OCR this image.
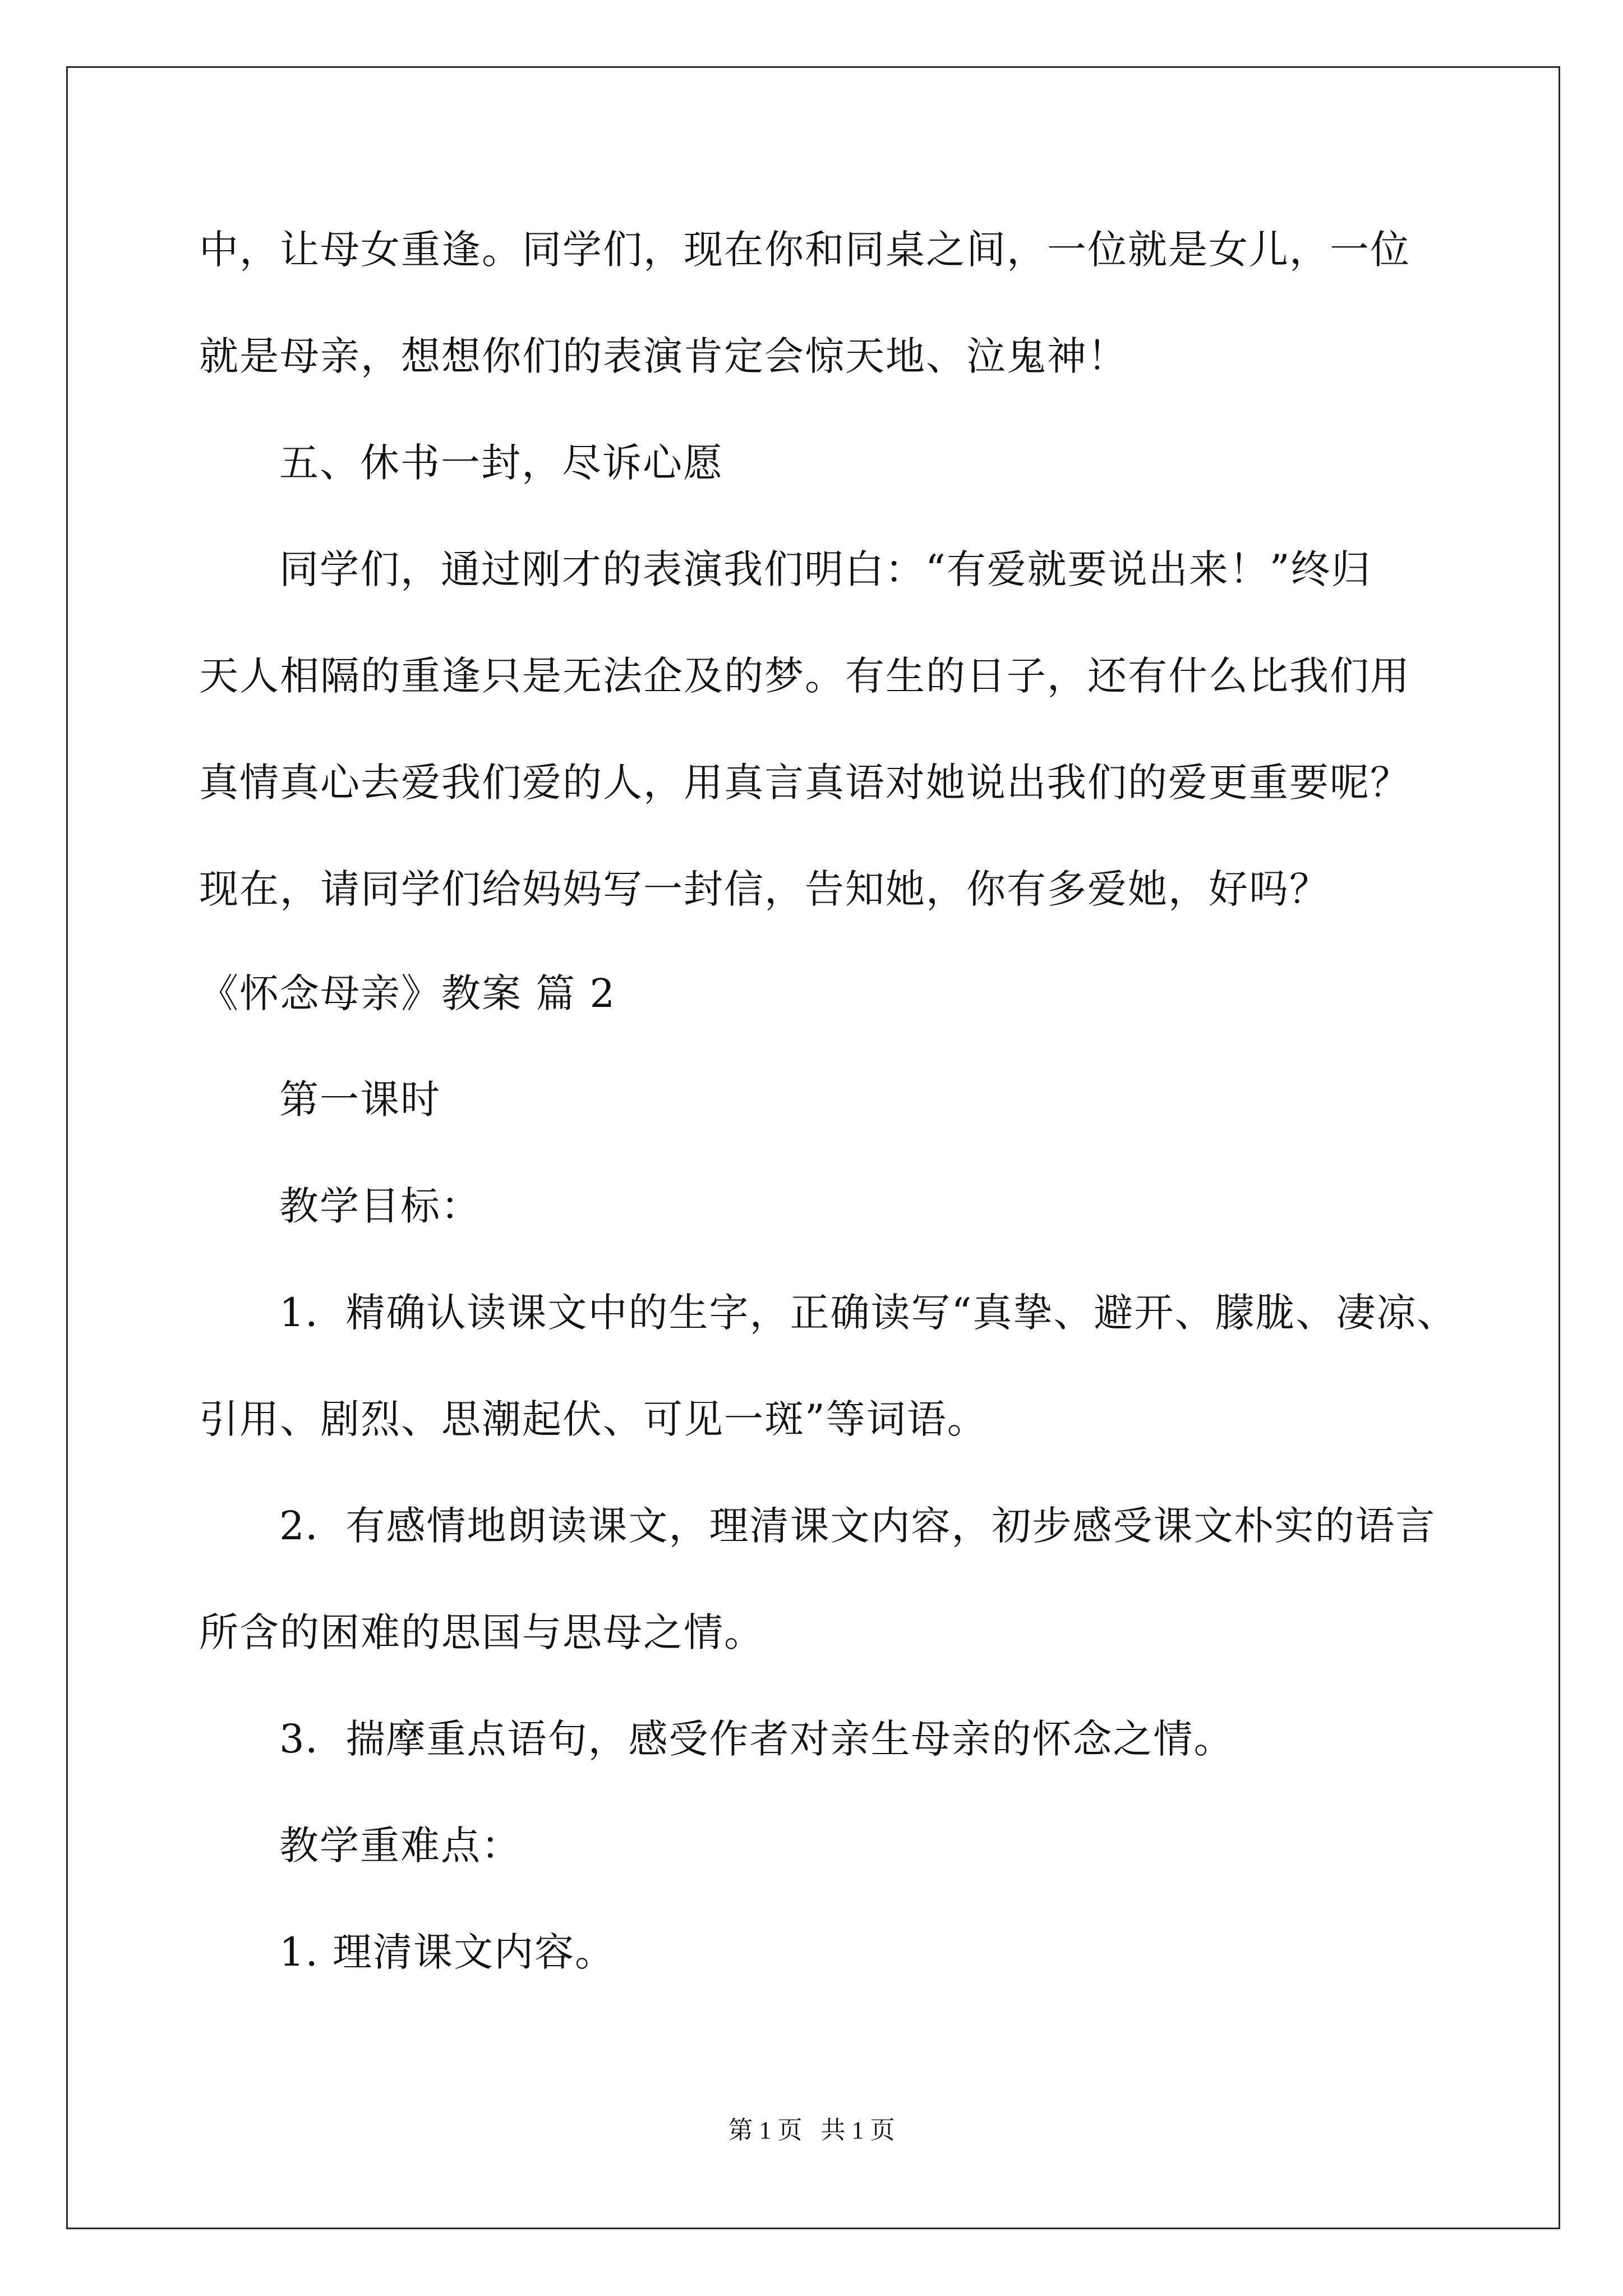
中，让母女重逢。同学们，现在你和同桌之间，一位就是女儿，一位
就是母亲，想想你们的表演肯定会惊天地、泣鬼神！
五、休书一封，尽诉心愿
同学们，通过刚才的表演我们明白：“有爱就要说出来！”终归
天人相隔的重逢只是无法企及的梦。有生的日子，还有什么比我们用
真情真心去爱我们爱的人，用真言真语对她说出我们的爱更重要呢？
现在，请同学们给妈妈写一封信，告知她，你有多爱她，好吗？
《怀念母亲》教案 篇 2
第一课时
教学目标：
1．精确认读课文中的生字，正确读写“真挚、避开、朦胧、凄凉、
引用、剧烈、思潮起伏、可见一斑”等词语。
2．有感情地朗读课文，理清课文内容，初步感受课文朴实的语言
所含的困难的思国与思母之情。
3．揣摩重点语句，感受作者对亲生母亲的怀念之情。
教学重难点：
1. 理清课文内容。
第 1 页   共 1 页
